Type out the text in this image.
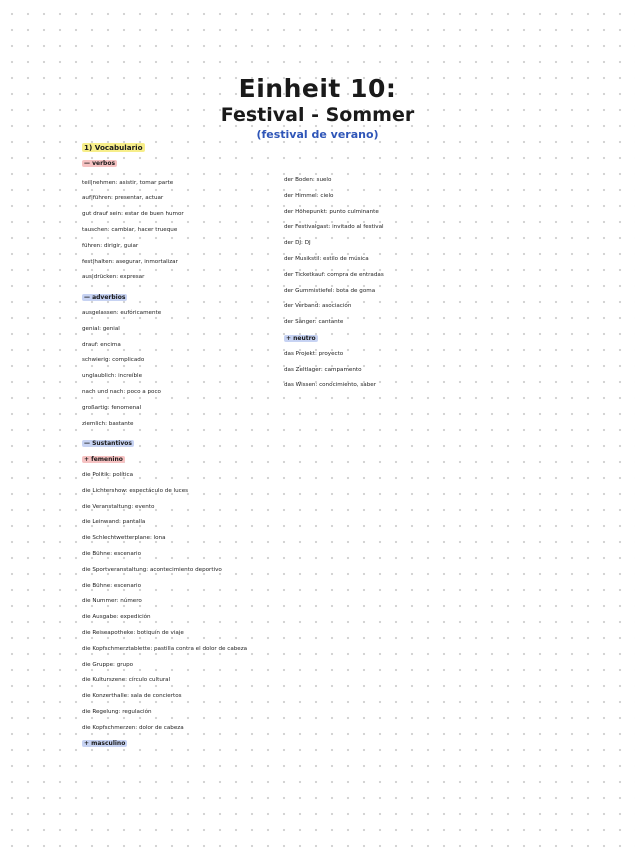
Einheit 10:

Festival - Sommer

(festival de verano)
1) Vocabulario
— verbos
teil|nehmen: asistir, tomar parte
auf|führen: presentar, actuar
gut drauf sein: estar de buen humor
tauschen: cambiar, hacer trueque
führen: dirigir, guiar
fest|halten: asegurar, inmortalizar
aus|drücken: expresar
— adverbios
ausgelassen: eufóricamente
genial: genial
drauf: encima
schwierig: complicado
unglaublich: increíble
nach und nach: poco a poco
großartig: fenomenal
ziemlich: bastante
— Sustantivos
+ femenino
die Politik: política
die Lichtershow: espectáculo de luces
die Veranstaltung: evento
die Leinwand: pantalla
die Schlechtwetterplane: lona
die Bühne: escenario
die Sportveranstaltung: acontecimiento deportivo
die Bühne: escenario
die Nummer: número
die Ausgabe: expedición
die Reiseapotheke: botiquín de viaje
die Kopfschmerztablette: pastilla contra el dolor de cabeza
die Gruppe: grupo
die Kulturszene: círculo cultural
die Konzerthalle: sala de conciertos
die Regelung: regulación
die Kopfschmerzen: dolor de cabeza
+ masculino
der Boden: suelo
der Himmel: cielo
der Höhepunkt: punto culminante
der Festivalgast: invitado al festival
der DJ: DJ
der Musikstil: estilo de música
der Ticketkauf: compra de entradas
der Gummistiefel: bota de goma
der Verband: asociación
der Sänger: cantante
+ neutro
das Projekt: proyecto
das Zeltlager: campamento
das Wissen: conocimiento, saber
